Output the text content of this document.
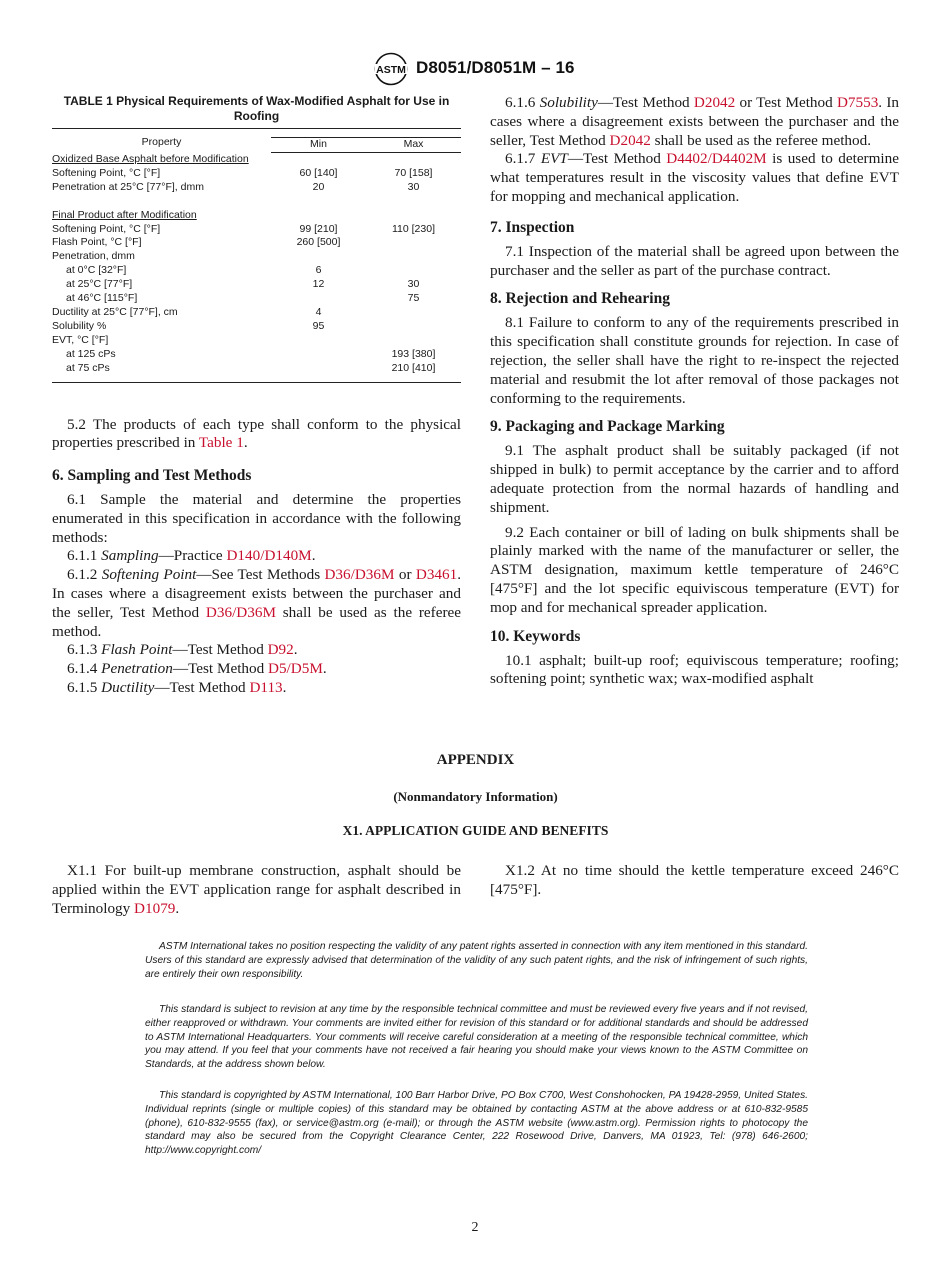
ASTM D8051/D8051M – 16
TABLE 1 Physical Requirements of Wax-Modified Asphalt for Use in Roofing
Property		
	Min	Max
Oxidized Base Asphalt before Modification		
Softening Point, °C [°F]	60 [140]	70 [158]
Penetration at 25°C [77°F], dmm	20	30

Final Product after Modification		
Softening Point, °C [°F]	99 [210]	110 [230]
Flash Point, °C [°F]	260 [500]	
Penetration, dmm		
at 0°C [32°F]	6	
at 25°C [77°F]	12	30
at 46°C [115°F]		75
Ductility at 25°C [77°F], cm	4	
Solubility %	95	
EVT, °C [°F]		
at 125 cPs		193 [380]
at 75 cPs		210 [410]

5.2 The products of each type shall conform to the physical properties prescribed in Table 1.

6. Sampling and Test Methods

6.1 Sample the material and determine the properties enumerated in this specification in accordance with the following methods:

6.1.1 Sampling—Practice D140/D140M.

6.1.2 Softening Point—See Test Methods D36/D36M or D3461. In cases where a disagreement exists between the purchaser and the seller, Test Method D36/D36M shall be used as the referee method.

6.1.3 Flash Point—Test Method D92.

6.1.4 Penetration—Test Method D5/D5M.

6.1.5 Ductility—Test Method D113.

6.1.6 Solubility—Test Method D2042 or Test Method D7553. In cases where a disagreement exists between the purchaser and the seller, Test Method D2042 shall be used as the referee method.

6.1.7 EVT—Test Method D4402/D4402M is used to determine what temperatures result in the viscosity values that define EVT for mopping and mechanical application.

7. Inspection

7.1 Inspection of the material shall be agreed upon between the purchaser and the seller as part of the purchase contract.

8. Rejection and Rehearing

8.1 Failure to conform to any of the requirements prescribed in this specification shall constitute grounds for rejection. In case of rejection, the seller shall have the right to re-inspect the rejected material and resubmit the lot after removal of those packages not conforming to the requirements.

9. Packaging and Package Marking

9.1 The asphalt product shall be suitably packaged (if not shipped in bulk) to permit acceptance by the carrier and to afford adequate protection from the normal hazards of handling and shipment.

9.2 Each container or bill of lading on bulk shipments shall be plainly marked with the name of the manufacturer or seller, the ASTM designation, maximum kettle temperature of 246°C [475°F] and the lot specific equiviscous temperature (EVT) for mop and for mechanical spreader application.

10. Keywords

10.1 asphalt; built-up roof; equiviscous temperature; roofing; softening point; synthetic wax; wax-modified asphalt

APPENDIX
(Nonmandatory Information)
X1. APPLICATION GUIDE AND BENEFITS

X1.1 For built-up membrane construction, asphalt should be applied within the EVT application range for asphalt described in Terminology D1079.

X1.2 At no time should the kettle temperature exceed 246°C [475°F].

ASTM International takes no position respecting the validity of any patent rights asserted in connection with any item mentioned in this standard. Users of this standard are expressly advised that determination of the validity of any such patent rights, and the risk of infringement of such rights, are entirely their own responsibility.

This standard is subject to revision at any time by the responsible technical committee and must be reviewed every five years and if not revised, either reapproved or withdrawn. Your comments are invited either for revision of this standard or for additional standards and should be addressed to ASTM International Headquarters. Your comments will receive careful consideration at a meeting of the responsible technical committee, which you may attend. If you feel that your comments have not received a fair hearing you should make your views known to the ASTM Committee on Standards, at the address shown below.

This standard is copyrighted by ASTM International, 100 Barr Harbor Drive, PO Box C700, West Conshohocken, PA 19428-2959, United States. Individual reprints (single or multiple copies) of this standard may be obtained by contacting ASTM at the above address or at 610-832-9585 (phone), 610-832-9555 (fax), or service@astm.org (e-mail); or through the ASTM website (www.astm.org). Permission rights to photocopy the standard may also be secured from the Copyright Clearance Center, 222 Rosewood Drive, Danvers, MA 01923, Tel: (978) 646-2600; http://www.copyright.com/

2
